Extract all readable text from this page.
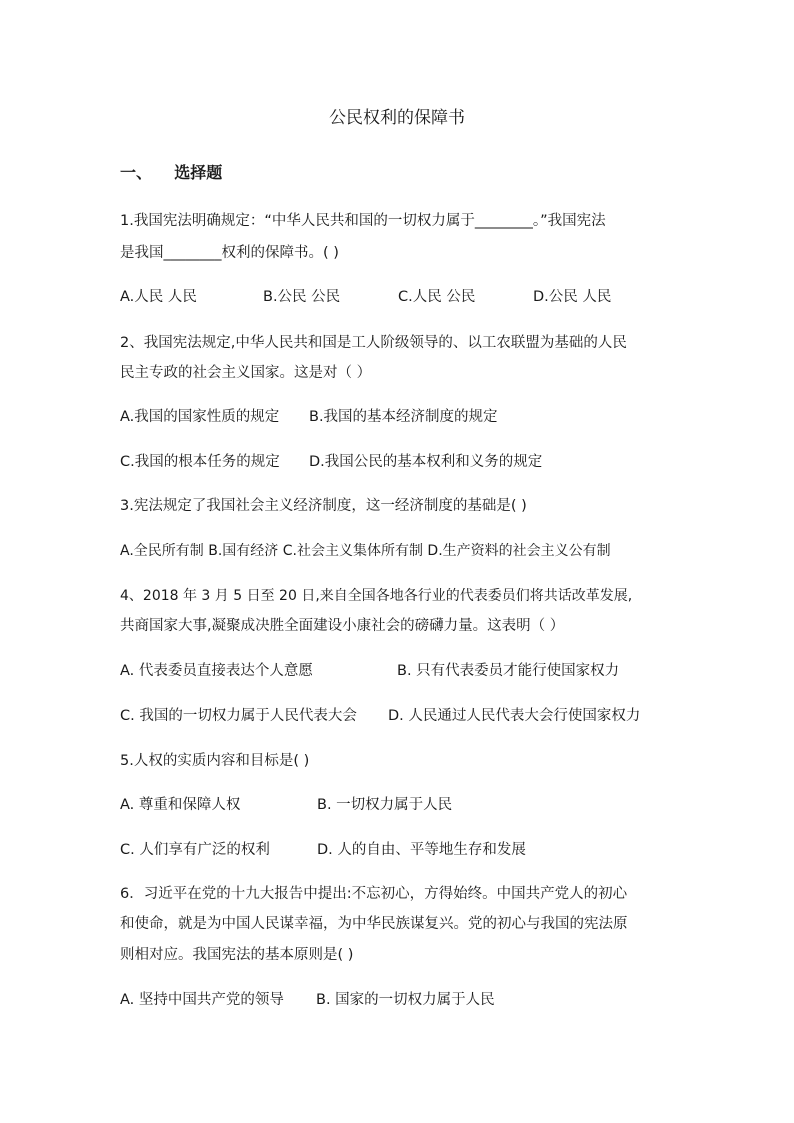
公民权利的保障书
一、    选择题
1.我国宪法明确规定：“中华人民共和国的一切权力属于________。”我国宪法
是我国________权利的保障书。( )
A.人民 人民	B.公民 公民	C.人民 公民	D.公民 人民
2、我国宪法规定,中华人民共和国是工人阶级领导的、以工农联盟为基础的人民
民主专政的社会主义国家。这是对（ ）
A.我国的国家性质的规定 B.我国的基本经济制度的规定
C.我国的根本任务的规定 D.我国公民的基本权利和义务的规定
3.宪法规定了我国社会主义经济制度，这一经济制度的基础是( )
A.全民所有制 B.国有经济 C.社会主义集体所有制 D.生产资料的社会主义公有制
4、2018 年 3 月 5 日至 20 日,来自全国各地各行业的代表委员们将共话改革发展,
共商国家大事,凝聚成决胜全面建设小康社会的磅礴力量。这表明（ ）
A. 代表委员直接表达个人意愿	B. 只有代表委员才能行使国家权力
C. 我国的一切权力属于人民代表大会 D. 人民通过人民代表大会行使国家权力
5.人权的实质内容和目标是( )
A. 尊重和保障人权	B. 一切权力属于人民
C. 人们享有广泛的权利	D. 人的自由、平等地生存和发展
6．习近平在党的十九大报告中提出:不忘初心，方得始终。中国共产党人的初心
和使命，就是为中国人民谋幸福，为中华民族谋复兴。党的初心与我国的宪法原
则相对应。我国宪法的基本原则是( )
A. 坚持中国共产党的领导 B. 国家的一切权力属于人民
